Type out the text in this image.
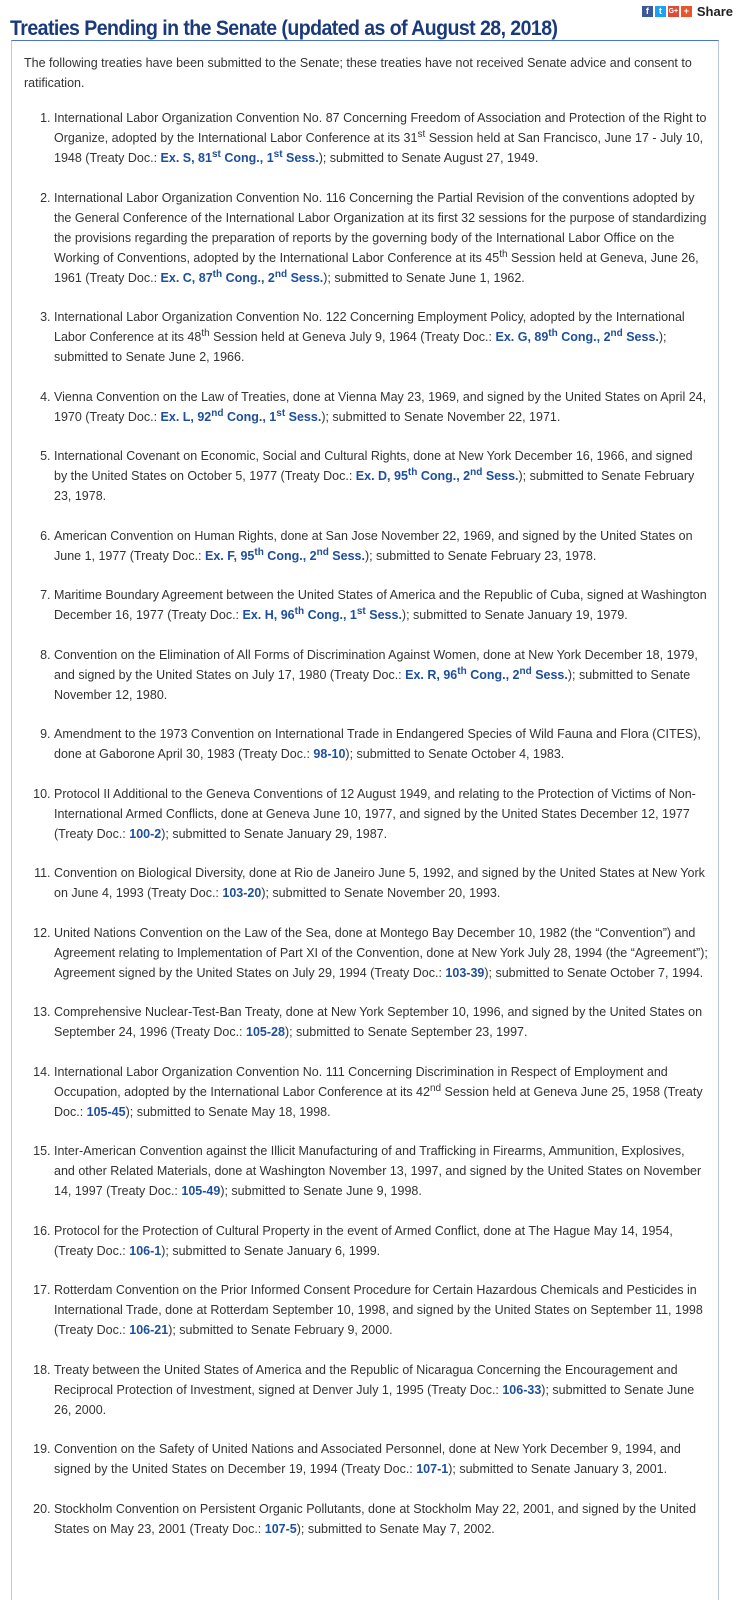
Treaties Pending in the Senate (updated as of August 28, 2018)
f	t G+ + Share

The following treaties have been submitted to the Senate; these treaties have not received Senate advice and consent to ratification.

1. International Labor Organization Convention No. 87 Concerning Freedom of Association and Protection of the Right to Organize, adopted by the International Labor Conference at its 31st Session held at San Francisco, June 17 - July 10, 1948 (Treaty Doc.: Ex. S, 81st Cong., 1st Sess.); submitted to Senate August 27, 1949.
2. International Labor Organization Convention No. 116 Concerning the Partial Revision of the conventions adopted by the General Conference of the International Labor Organization at its first 32 sessions for the purpose of standardizing the provisions regarding the preparation of reports by the governing body of the International Labor Office on the Working of Conventions, adopted by the International Labor Conference at its 45th Session held at Geneva, June 26, 1961 (Treaty Doc.: Ex. C, 87th Cong., 2nd Sess.); submitted to Senate June 1, 1962.
3. International Labor Organization Convention No. 122 Concerning Employment Policy, adopted by the International Labor Conference at its 48th Session held at Geneva July 9, 1964 (Treaty Doc.: Ex. G, 89th Cong., 2nd Sess.); submitted to Senate June 2, 1966.
4. Vienna Convention on the Law of Treaties, done at Vienna May 23, 1969, and signed by the United States on April 24, 1970 (Treaty Doc.: Ex. L, 92nd Cong., 1st Sess.); submitted to Senate November 22, 1971.
5. International Covenant on Economic, Social and Cultural Rights, done at New York December 16, 1966, and signed by the United States on October 5, 1977 (Treaty Doc.: Ex. D, 95th Cong., 2nd Sess.); submitted to Senate February 23, 1978.
6. American Convention on Human Rights, done at San Jose November 22, 1969, and signed by the United States on June 1, 1977 (Treaty Doc.: Ex. F, 95th Cong., 2nd Sess.); submitted to Senate February 23, 1978.
7. Maritime Boundary Agreement between the United States of America and the Republic of Cuba, signed at Washington December 16, 1977 (Treaty Doc.: Ex. H, 96th Cong., 1st Sess.); submitted to Senate January 19, 1979.
8. Convention on the Elimination of All Forms of Discrimination Against Women, done at New York December 18, 1979, and signed by the United States on July 17, 1980 (Treaty Doc.: Ex. R, 96th Cong., 2nd Sess.); submitted to Senate November 12, 1980.
9. Amendment to the 1973 Convention on International Trade in Endangered Species of Wild Fauna and Flora (CITES), done at Gaborone April 30, 1983 (Treaty Doc.: 98-10); submitted to Senate October 4, 1983.
10. Protocol II Additional to the Geneva Conventions of 12 August 1949, and relating to the Protection of Victims of Non-International Armed Conflicts, done at Geneva June 10, 1977, and signed by the United States December 12, 1977 (Treaty Doc.: 100-2); submitted to Senate January 29, 1987.
11. Convention on Biological Diversity, done at Rio de Janeiro June 5, 1992, and signed by the United States at New York on June 4, 1993 (Treaty Doc.: 103-20); submitted to Senate November 20, 1993.
12. United Nations Convention on the Law of the Sea, done at Montego Bay December 10, 1982 (the “Convention”) and Agreement relating to Implementation of Part XI of the Convention, done at New York July 28, 1994 (the “Agreement”); Agreement signed by the United States on July 29, 1994 (Treaty Doc.: 103-39); submitted to Senate October 7, 1994.
13. Comprehensive Nuclear-Test-Ban Treaty, done at New York September 10, 1996, and signed by the United States on September 24, 1996 (Treaty Doc.: 105-28); submitted to Senate September 23, 1997.
14. International Labor Organization Convention No. 111 Concerning Discrimination in Respect of Employment and Occupation, adopted by the International Labor Conference at its 42nd Session held at Geneva June 25, 1958 (Treaty Doc.: 105-45); submitted to Senate May 18, 1998.
15. Inter-American Convention against the Illicit Manufacturing of and Trafficking in Firearms, Ammunition, Explosives, and other Related Materials, done at Washington November 13, 1997, and signed by the United States on November 14, 1997 (Treaty Doc.: 105-49); submitted to Senate June 9, 1998.
16. Protocol for the Protection of Cultural Property in the event of Armed Conflict, done at The Hague May 14, 1954, (Treaty Doc.: 106-1); submitted to Senate January 6, 1999.
17. Rotterdam Convention on the Prior Informed Consent Procedure for Certain Hazardous Chemicals and Pesticides in International Trade, done at Rotterdam September 10, 1998, and signed by the United States on September 11, 1998 (Treaty Doc.: 106-21); submitted to Senate February 9, 2000.
18. Treaty between the United States of America and the Republic of Nicaragua Concerning the Encouragement and Reciprocal Protection of Investment, signed at Denver July 1, 1995 (Treaty Doc.: 106-33); submitted to Senate June 26, 2000.
19. Convention on the Safety of United Nations and Associated Personnel, done at New York December 9, 1994, and signed by the United States on December 19, 1994 (Treaty Doc.: 107-1); submitted to Senate January 3, 2001.
20. Stockholm Convention on Persistent Organic Pollutants, done at Stockholm May 22, 2001, and signed by the United States on May 23, 2001 (Treaty Doc.: 107-5); submitted to Senate May 7, 2002.
